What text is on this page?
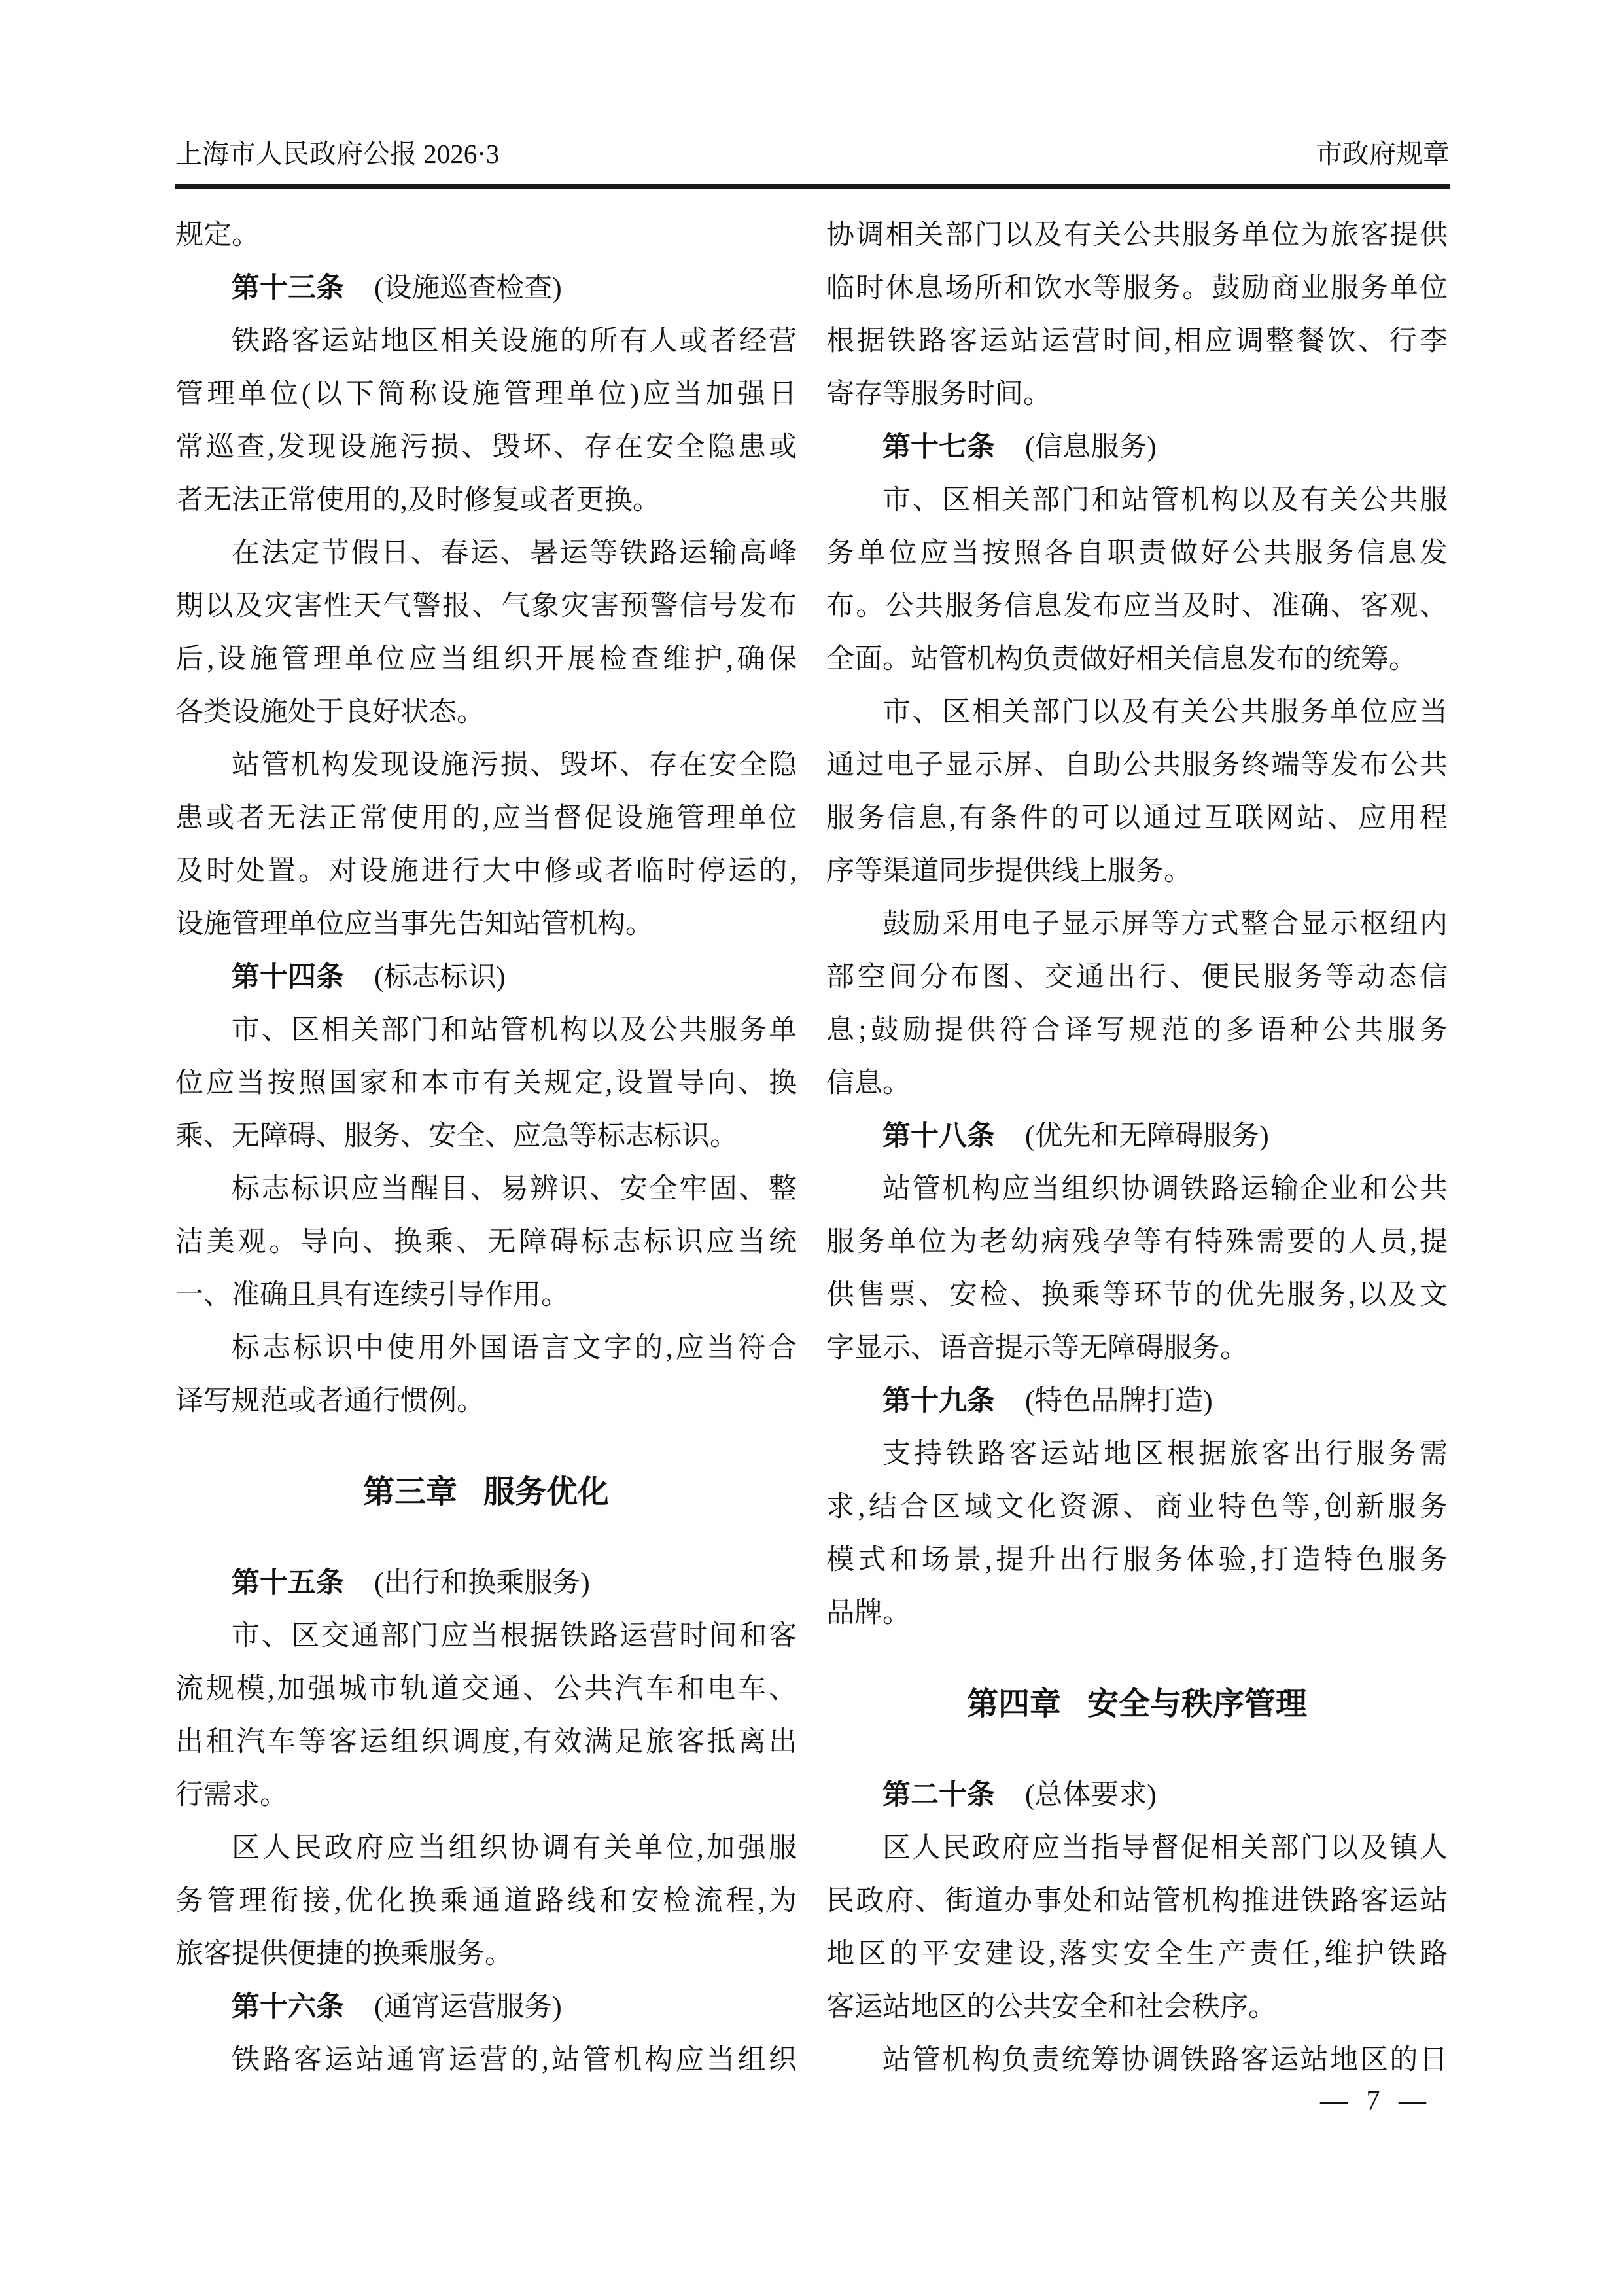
上海市人民政府公报 2026·3	市政府规章
规定。
第十三条 (设施巡查检查)
铁路客运站地区相关设施的所有人或者经营
管理单位(以下简称设施管理单位)应当加强日
常巡查,发现设施污损、毁坏、存在安全隐患或
者无法正常使用的,及时修复或者更换。
在法定节假日、春运、暑运等铁路运输高峰
期以及灾害性天气警报、气象灾害预警信号发布
后,设施管理单位应当组织开展检查维护,确保
各类设施处于良好状态。
站管机构发现设施污损、毁坏、存在安全隐
患或者无法正常使用的,应当督促设施管理单位
及时处置。对设施进行大中修或者临时停运的,
设施管理单位应当事先告知站管机构。
第十四条 (标志标识)
市、区相关部门和站管机构以及公共服务单
位应当按照国家和本市有关规定,设置导向、换
乘、无障碍、服务、安全、应急等标志标识。
标志标识应当醒目、易辨识、安全牢固、整
洁美观。导向、换乘、无障碍标志标识应当统
一、准确且具有连续引导作用。
标志标识中使用外国语言文字的,应当符合
译写规范或者通行惯例。
第三章 服务优化
第十五条 (出行和换乘服务)
市、区交通部门应当根据铁路运营时间和客
流规模,加强城市轨道交通、公共汽车和电车、
出租汽车等客运组织调度,有效满足旅客抵离出
行需求。
区人民政府应当组织协调有关单位,加强服
务管理衔接,优化换乘通道路线和安检流程,为
旅客提供便捷的换乘服务。
第十六条 (通宵运营服务)
铁路客运站通宵运营的,站管机构应当组织
协调相关部门以及有关公共服务单位为旅客提供
临时休息场所和饮水等服务。鼓励商业服务单位
根据铁路客运站运营时间,相应调整餐饮、行李
寄存等服务时间。
第十七条 (信息服务)
市、区相关部门和站管机构以及有关公共服
务单位应当按照各自职责做好公共服务信息发
布。公共服务信息发布应当及时、准确、客观、
全面。站管机构负责做好相关信息发布的统筹。
市、区相关部门以及有关公共服务单位应当
通过电子显示屏、自助公共服务终端等发布公共
服务信息,有条件的可以通过互联网站、应用程
序等渠道同步提供线上服务。
鼓励采用电子显示屏等方式整合显示枢纽内
部空间分布图、交通出行、便民服务等动态信
息;鼓励提供符合译写规范的多语种公共服务
信息。
第十八条 (优先和无障碍服务)
站管机构应当组织协调铁路运输企业和公共
服务单位为老幼病残孕等有特殊需要的人员,提
供售票、安检、换乘等环节的优先服务,以及文
字显示、语音提示等无障碍服务。
第十九条 (特色品牌打造)
支持铁路客运站地区根据旅客出行服务需
求,结合区域文化资源、商业特色等,创新服务
模式和场景,提升出行服务体验,打造特色服务
品牌。
第四章 安全与秩序管理
第二十条 (总体要求)
区人民政府应当指导督促相关部门以及镇人
民政府、街道办事处和站管机构推进铁路客运站
地区的平安建设,落实安全生产责任,维护铁路
客运站地区的公共安全和社会秩序。
站管机构负责统筹协调铁路客运站地区的日
— 7 —
